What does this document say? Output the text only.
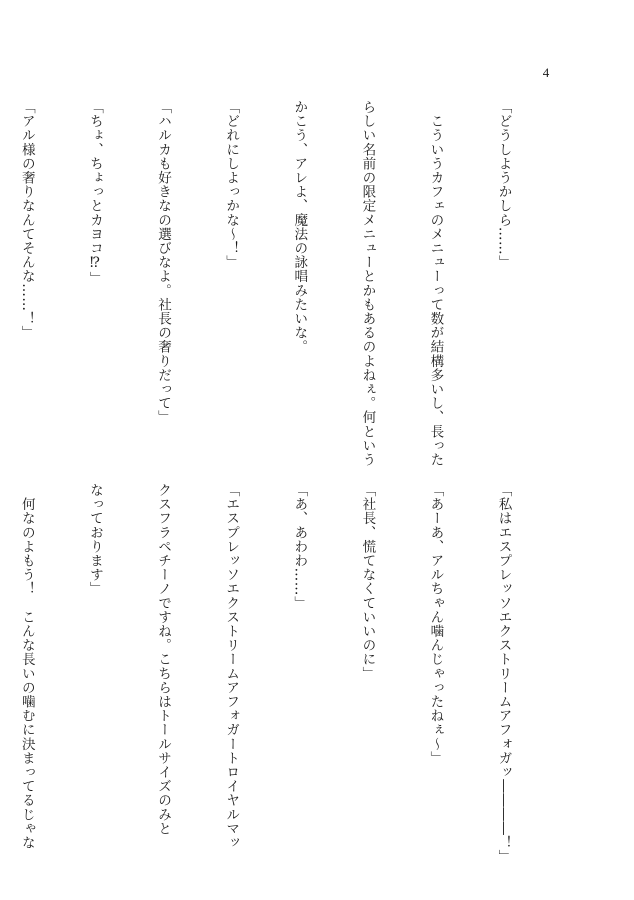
4

「どうしようかしら……」

　こういうカフェのメニューって数が結構多いし、長った

らしい名前の限定メニューとかもあるのよねぇ。何という

かこう、アレよ、魔法の詠唱みたいな。

「どれにしよっかな～！」

「ハルカも好きなの選びなよ。社長の奢りだって」

「ちょ、ちょっとカヨコ⁉」

「アル様の奢りなんてそんな……！」

「私はエスプレッソエクストリームアフォガッ――――！」

「あーあ、アルちゃん噛んじゃったねぇ～」

「社長、慌てなくていいのに」

「あ、あわわ……」

「エスプレッソエクストリームアフォガートロイヤルマッ

クスフラペチーノですね。こちらはトールサイズのみと

なっております」

　何なのよもう！　こんな長いの噛むに決まってるじゃな
